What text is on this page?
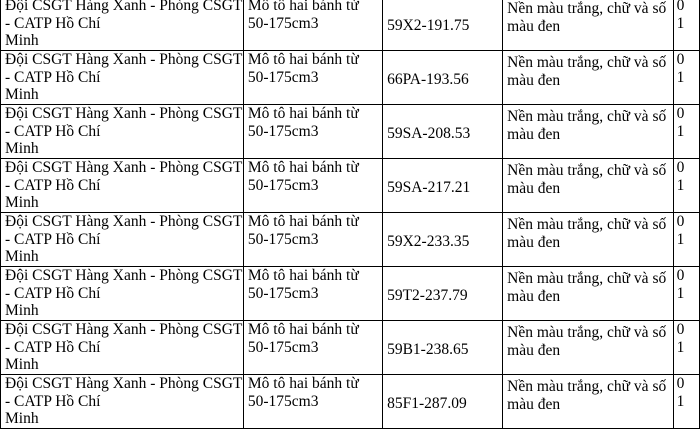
Đội CSGT Hàng Xanh - Phòng CSGT
- CATP Hồ Chí
Minh	Mô tô hai bánh từ
50-175cm3	59X2-191.75	Nền màu trắng, chữ và số
màu đen	0
1

Đội CSGT Hàng Xanh - Phòng CSGT
- CATP Hồ Chí
Minh	Mô tô hai bánh từ
50-175cm3	66PA-193.56	Nền màu trắng, chữ và số
màu đen	0
1

Đội CSGT Hàng Xanh - Phòng CSGT
- CATP Hồ Chí
Minh	Mô tô hai bánh từ
50-175cm3	59SA-208.53	Nền màu trắng, chữ và số
màu đen	0
1

Đội CSGT Hàng Xanh - Phòng CSGT
- CATP Hồ Chí
Minh	Mô tô hai bánh từ
50-175cm3	59SA-217.21	Nền màu trắng, chữ và số
màu đen	0
1

Đội CSGT Hàng Xanh - Phòng CSGT
- CATP Hồ Chí
Minh	Mô tô hai bánh từ
50-175cm3	59X2-233.35	Nền màu trắng, chữ và số
màu đen	0
1

Đội CSGT Hàng Xanh - Phòng CSGT
- CATP Hồ Chí
Minh	Mô tô hai bánh từ
50-175cm3	59T2-237.79	Nền màu trắng, chữ và số
màu đen	0
1

Đội CSGT Hàng Xanh - Phòng CSGT
- CATP Hồ Chí
Minh	Mô tô hai bánh từ
50-175cm3	59B1-238.65	Nền màu trắng, chữ và số
màu đen	0
1

Đội CSGT Hàng Xanh - Phòng CSGT
- CATP Hồ Chí
Minh	Mô tô hai bánh từ
50-175cm3	85F1-287.09	Nền màu trắng, chữ và số
màu đen	0
1
